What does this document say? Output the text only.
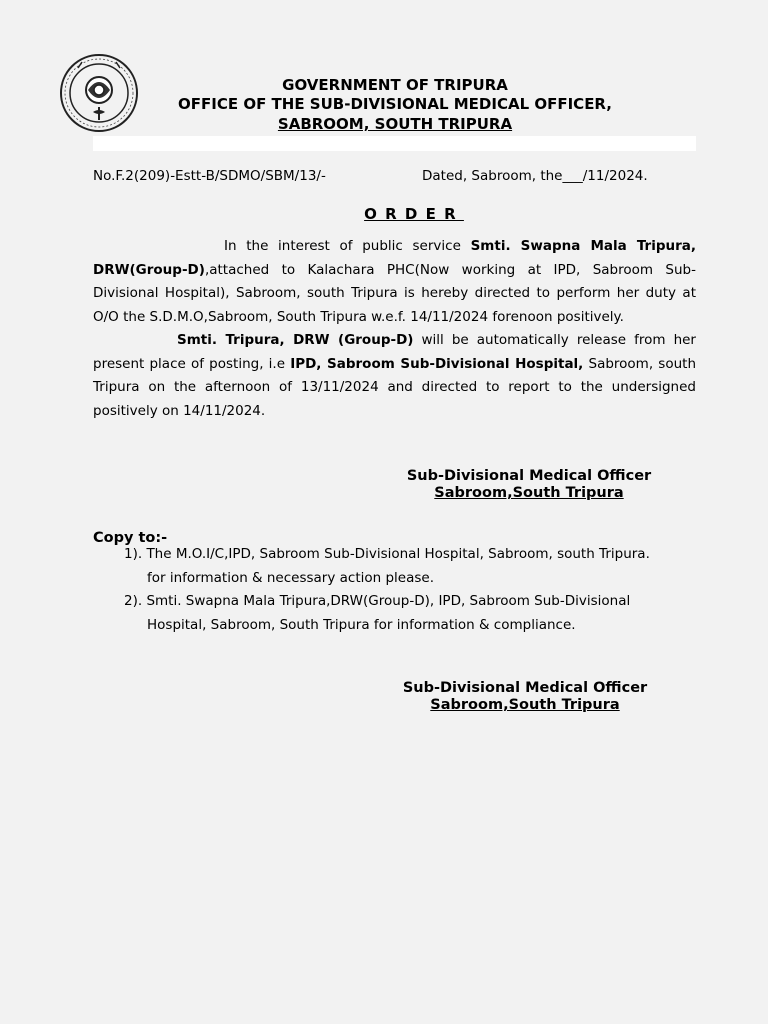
GOVERNMENT OF TRIPURA
OFFICE OF THE SUB-DIVISIONAL MEDICAL OFFICER,
SABROOM, SOUTH TRIPURA
No.F.2(209)-Estt-B/SDMO/SBM/13/-	Dated, Sabroom, the___/11/2024.
ORDER
In the interest of public service Smti. Swapna Mala Tripura, DRW(Group-D),attached to Kalachara PHC(Now working at IPD, Sabroom Sub-Divisional Hospital), Sabroom, south Tripura is hereby directed to perform her duty at O/O the S.D.M.O,Sabroom, South Tripura w.e.f. 14/11/2024 forenoon positively.
Smti. Tripura, DRW (Group-D) will be automatically release from her present place of posting, i.e IPD, Sabroom Sub-Divisional Hospital, Sabroom, south Tripura on the afternoon of 13/11/2024 and directed to report to the undersigned positively on 14/11/2024.
Sub-Divisional Medical Officer
Sabroom,South Tripura
Copy to:-
1). The M.O.I/C,IPD, Sabroom Sub-Divisional Hospital, Sabroom, south Tripura.
for information & necessary action please.
2). Smti. Swapna Mala Tripura,DRW(Group-D), IPD, Sabroom Sub-Divisional
Hospital, Sabroom, South Tripura for information & compliance.
Sub-Divisional Medical Officer
Sabroom,South Tripura
